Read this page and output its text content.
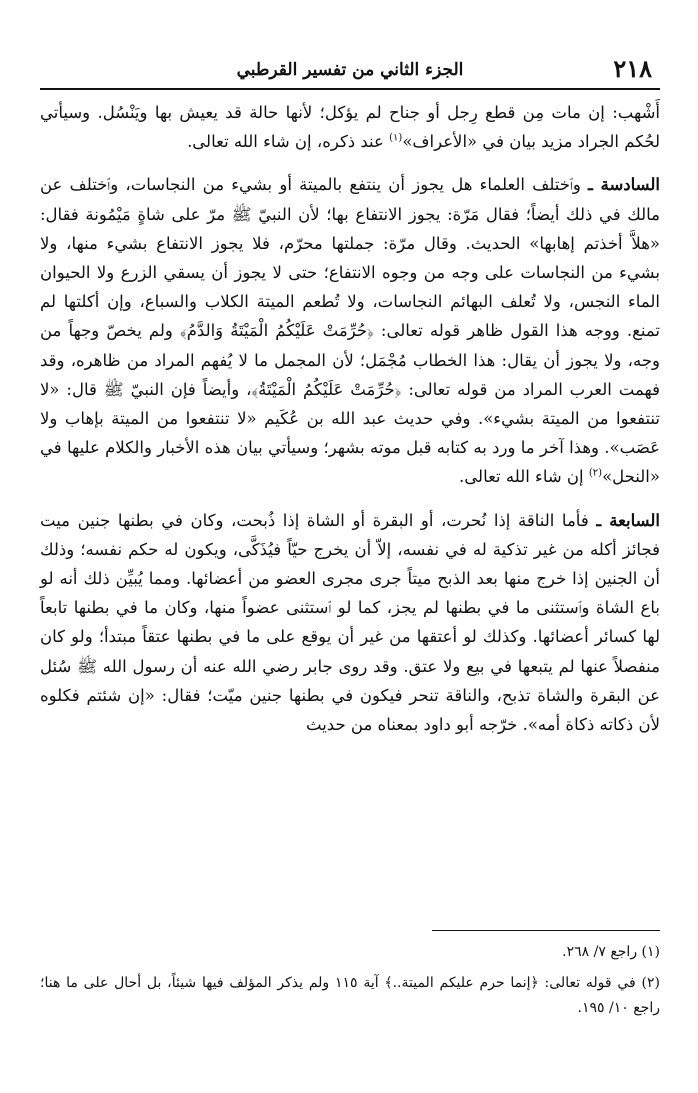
٢١٨
الجزء الثاني من تفسير القرطبي

أَشْهب: إن مات مِن قطع رِجل أو جناح لم يؤكل؛ لأنها حالة قد يعيش بها ويَنْسُل. وسيأتي لحُكم الجراد مزيد بيان في «الأعراف»$^{(١)}$ عند ذكره، إن شاء الله تعالى.

السادسة ـ وٱختلف العلماء هل يجوز أن ينتفع بالميتة أو بشيء من النجاسات، وٱختلف عن مالك في ذلك أيضاً؛ فقال مَرّة: يجوز الانتفاع بها؛ لأن النبيّ ﷺ مرّ على شاةٍ مَيْمُونة فقال: «هلاَّ أخذتم إهابها» الحديث. وقال مرّة: جملتها محرّم، فلا يجوز الانتفاع بشيء منها، ولا بشيء من النجاسات على وجه من وجوه الانتفاع؛ حتى لا يجوز أن يسقي الزرع ولا الحيوان الماء النجس، ولا تُعلف البهائم النجاسات، ولا تُطعم الميتة الكلاب والسباع، وإن أكلتها لم تمنع. ووجه هذا القول ظاهر قوله تعالى: ﴿حُرِّمَتْ عَلَيْكُمُ الْمَيْتَةُ وَالدَّمُ﴾ ولم يخصّ وجهاً من وجه، ولا يجوز أن يقال: هذا الخطاب مُجْمَل؛ لأن المجمل ما لا يُفهم المراد من ظاهره، وقد فهمت العرب المراد من قوله تعالى: ﴿حُرِّمَتْ عَلَيْكُمُ الْمَيْتَةُ﴾، وأيضاً فإن النبيّ ﷺ قال: «لا تنتفعوا من الميتة بشيء». وفي حديث عبد الله بن عُكَيم «لا تنتفعوا من الميتة بإهاب ولا عَصَب». وهذا آخر ما ورد به كتابه قبل موته بشهر؛ وسيأتي بيان هذه الأخبار والكلام عليها في «النحل»$^{(٢)}$ إن شاء الله تعالى.

السابعة ـ فأما الناقة إذا نُحرت، أو البقرة أو الشاة إذا ذُبحت، وكان في بطنها جنين ميت فجائز أكله من غير تذكية له في نفسه، إلاّ أن يخرج حيّاً فيُذَكَّى، ويكون له حكم نفسه؛ وذلك أن الجنين إذا خرج منها بعد الذبح ميتاً جرى مجرى العضو من أعضائها. ومما يُبيِّن ذلك أنه لو باع الشاة وٱستثنى ما في بطنها لم يجز، كما لو ٱستثنى عضواً منها، وكان ما في بطنها تابعاً لها كسائر أعضائها. وكذلك لو أعتقها من غير أن يوقع على ما في بطنها عتقاً مبتدأ؛ ولو كان منفصلاً عنها لم يتبعها في بيع ولا عتق. وقد روى جابر رضي الله عنه أن رسول الله ﷺ سُئل عن البقرة والشاة تذبح، والناقة تنحر فيكون في بطنها جنين ميّت؛ فقال: «إن شئتم فكلوه لأن ذكاته ذكاة أمه». خرّجه أبو داود بمعناه من حديث

(١) راجع ٧/ ٢٦٨.

(٢) في قوله تعالى: ﴿إنما حرم عليكم الميتة..﴾ آية ١١٥ ولم يذكر المؤلف فيها شيئاً، بل أحال على ما هنا؛ راجع ١٠/ ١٩٥.
